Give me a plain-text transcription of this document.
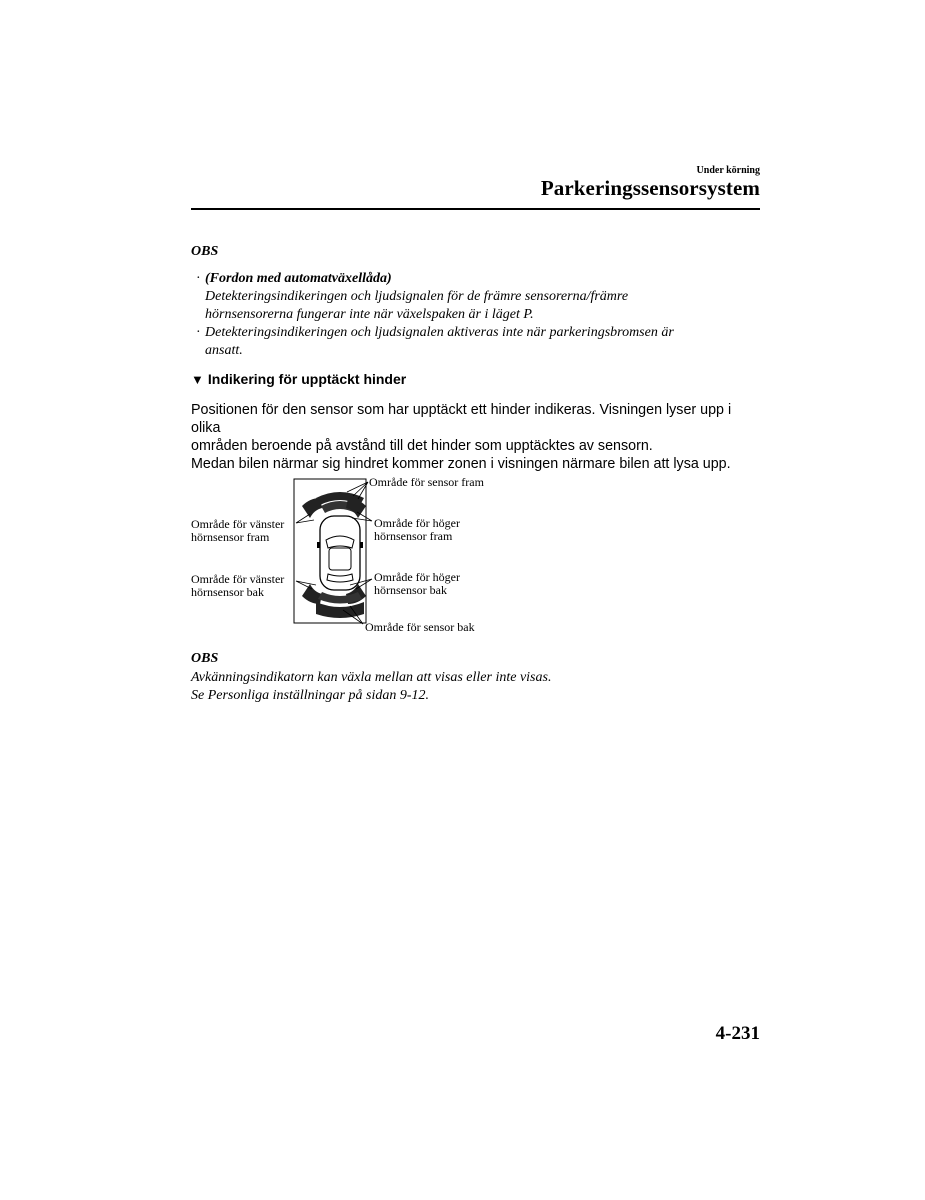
Under körning
Parkeringssensorsystem
OBS
· (Fordon med automatväxellåda)
Detekteringsindikeringen och ljudsignalen för de främre sensorerna/främre
hörnsensorerna fungerar inte när växelspaken är i läget P.
· Detekteringsindikeringen och ljudsignalen aktiveras inte när parkeringsbromsen är
ansatt.
▼ Indikering för upptäckt hinder
Positionen för den sensor som har upptäckt ett hinder indikeras. Visningen lyser upp i olika
områden beroende på avstånd till det hinder som upptäcktes av sensorn.
Medan bilen närmar sig hindret kommer zonen i visningen närmare bilen att lysa upp.
Område för sensor fram
Område för vänster
hörnsensor fram
Område för höger
hörnsensor fram
Område för vänster
hörnsensor bak
Område för höger
hörnsensor bak
Område för sensor bak
OBS
Avkänningsindikatorn kan växla mellan att visas eller inte visas.
Se Personliga inställningar på sidan 9-12.
4-231
